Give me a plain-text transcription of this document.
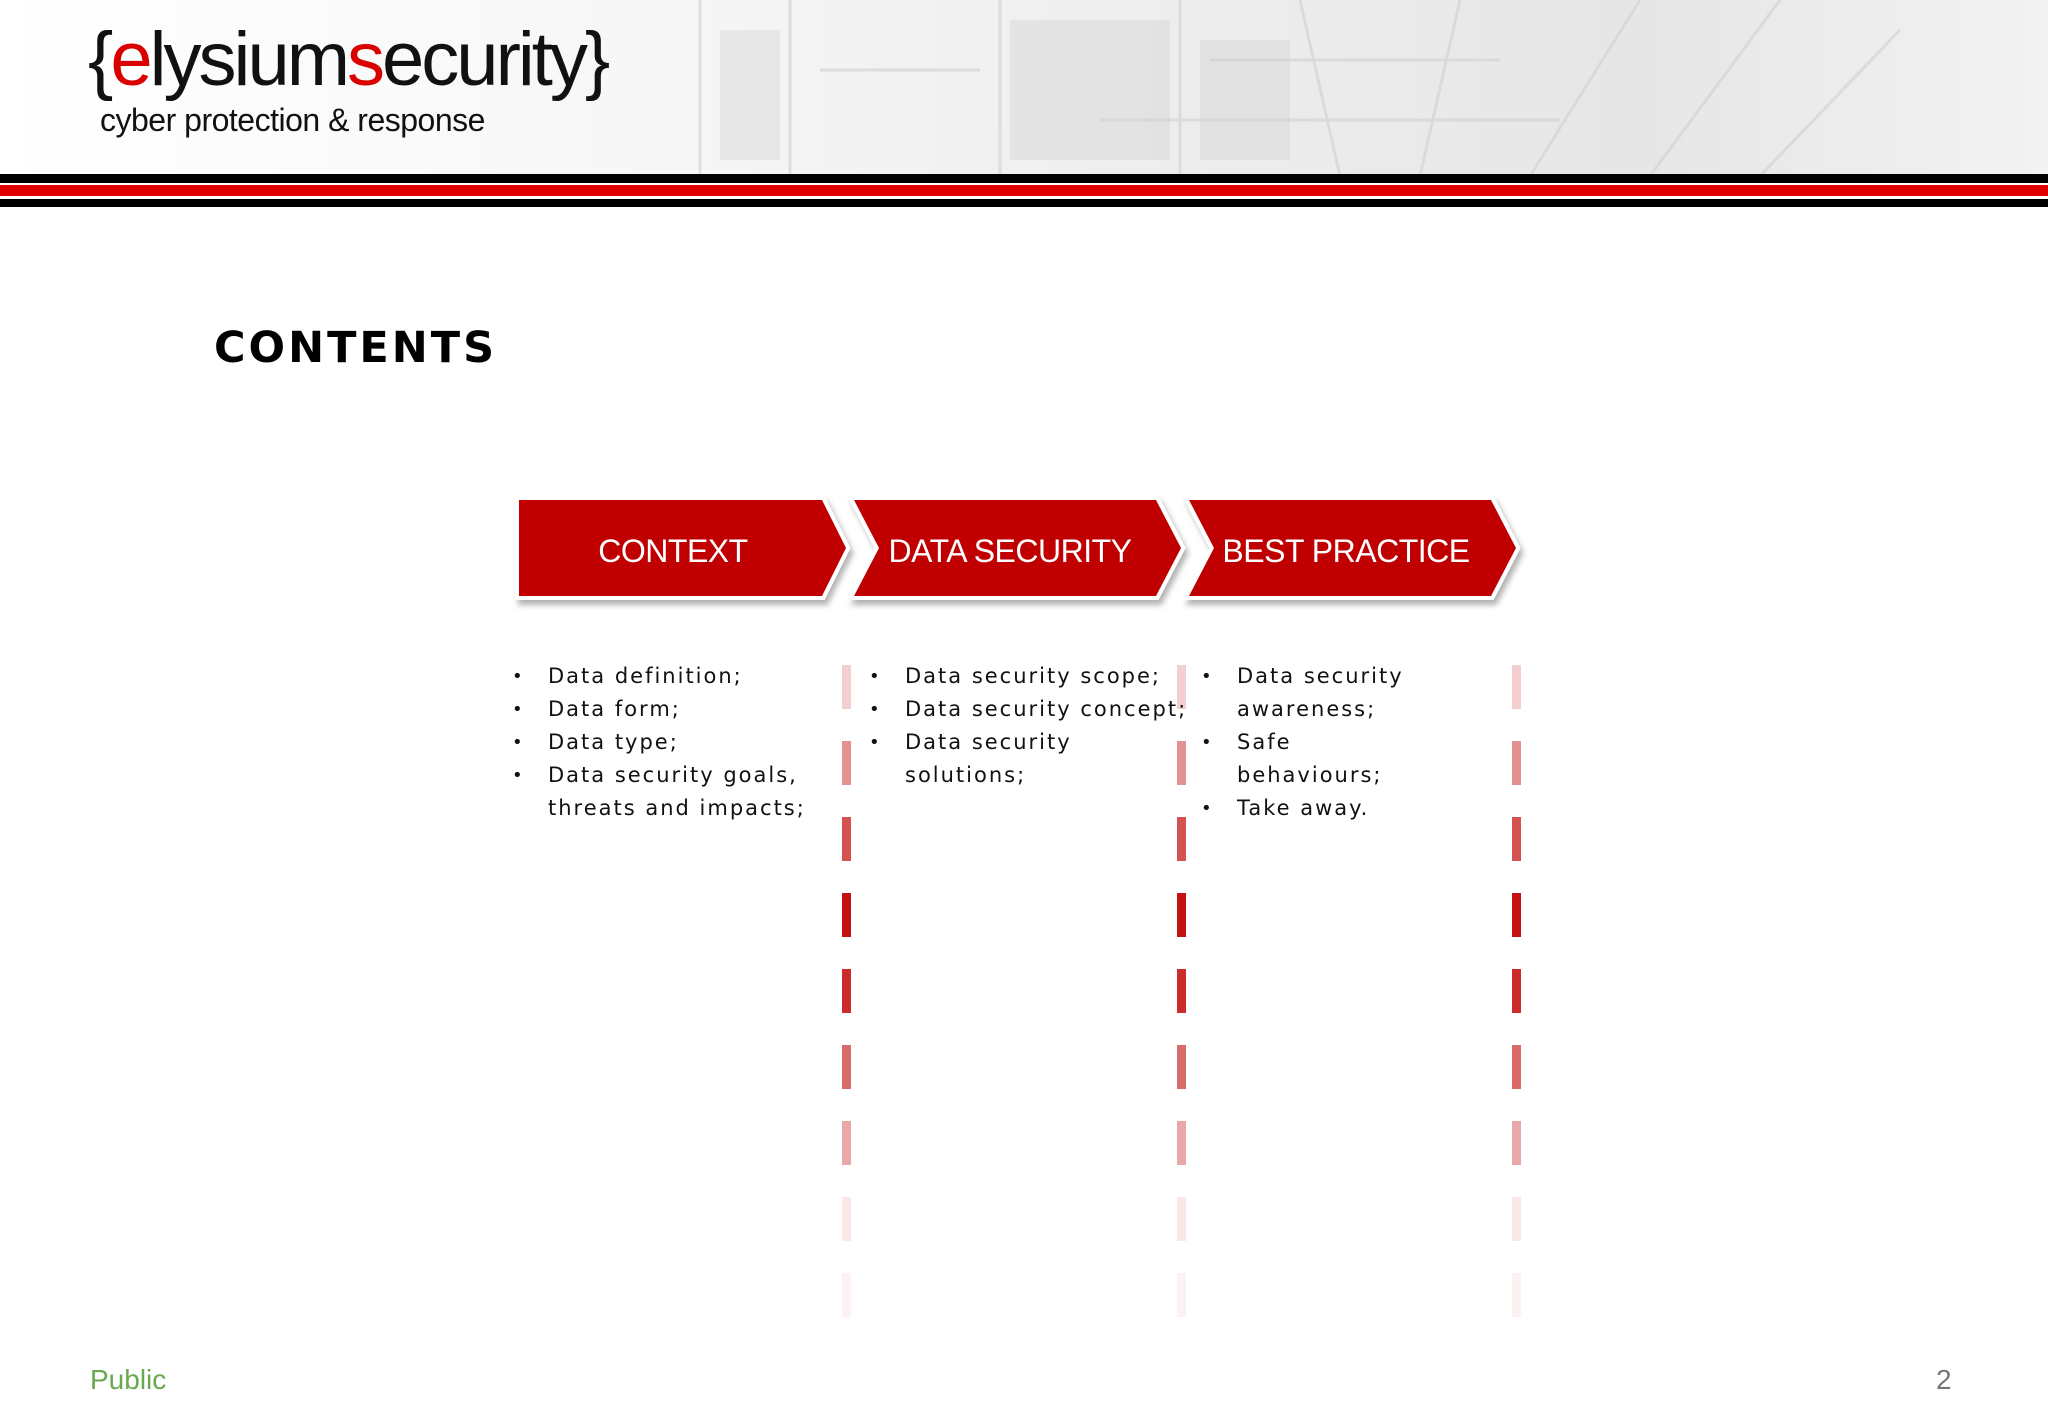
{elysiumsecurity}
cyber protection & response
CONTENTS
CONTEXT	DATA SECURITY	BEST PRACTICE
• Data definition;
• Data form;
• Data type;
• Data security goals, threats and impacts;
• Data security scope;
• Data security concept;
• Data security solutions;
• Data security awareness;
• Safe behaviours;
• Take away.
Public	2
